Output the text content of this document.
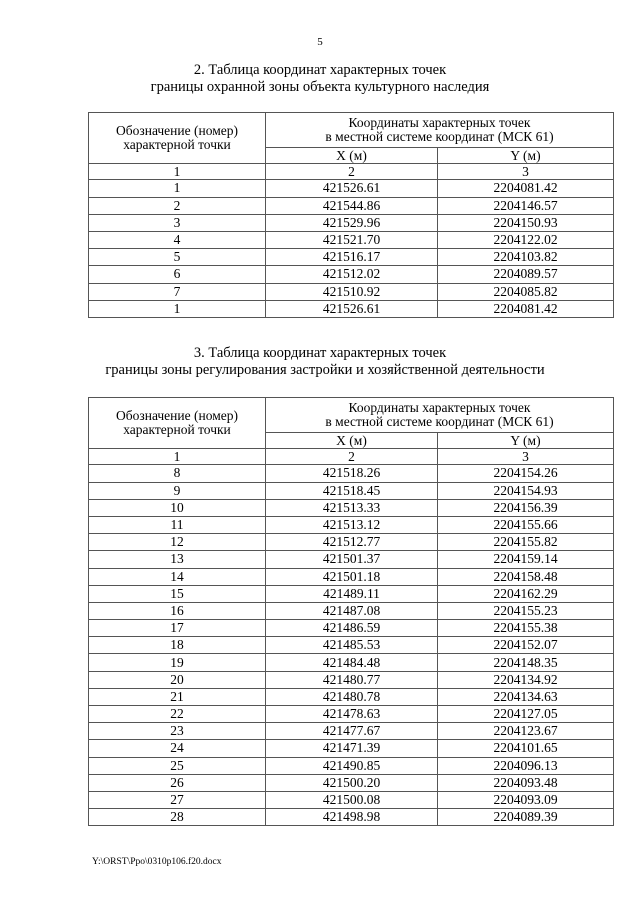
5
2. Таблица координат характерных точек
границы охранной зоны объекта культурного наследия
Обозначение (номер) характерной точки	Координаты характерных точек
в местной системе координат (МСК 61)	

	X (м)	Y (м)
1	2	3
1	421526.61	2204081.42
2	421544.86	2204146.57
3	421529.96	2204150.93
4	421521.70	2204122.02
5	421516.17	2204103.82
6	421512.02	2204089.57
7	421510.92	2204085.82
1	421526.61	2204081.42
3. Таблица координат характерных точек
границы зоны регулирования застройки и хозяйственной деятельности
Обозначение (номер) характерной точки	Координаты характерных точек
в местной системе координат (МСК 61)	

	X (м)	Y (м)
1	2	3
8	421518.26	2204154.26
9	421518.45	2204154.93
10	421513.33	2204156.39
11	421513.12	2204155.66
12	421512.77	2204155.82
13	421501.37	2204159.14
14	421501.18	2204158.48
15	421489.11	2204162.29
16	421487.08	2204155.23
17	421486.59	2204155.38
18	421485.53	2204152.07
19	421484.48	2204148.35
20	421480.77	2204134.92
21	421480.78	2204134.63
22	421478.63	2204127.05
23	421477.67	2204123.67
24	421471.39	2204101.65
25	421490.85	2204096.13
26	421500.20	2204093.48
27	421500.08	2204093.09
28	421498.98	2204089.39
Y:\ORST\Ppo\0310p106.f20.docx
